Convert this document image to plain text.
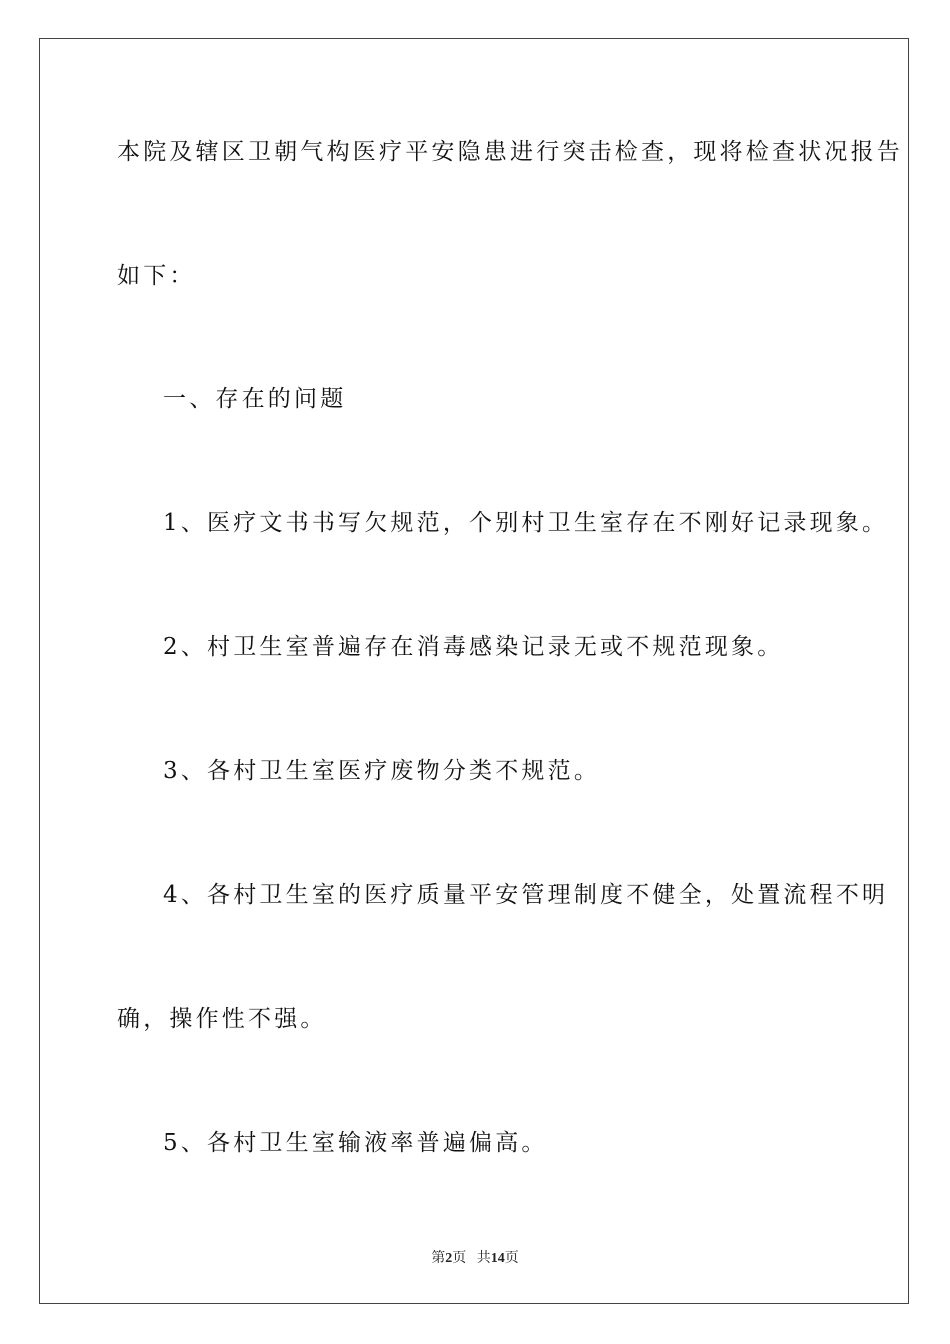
本院及辖区卫朝气构医疗平安隐患进行突击检查，现将检查状况报告
如下：
一、存在的问题
1、医疗文书书写欠规范，个别村卫生室存在不刚好记录现象。
2、村卫生室普遍存在消毒感染记录无或不规范现象。
3、各村卫生室医疗废物分类不规范。
4、各村卫生室的医疗质量平安管理制度不健全，处置流程不明
确，操作性不强。
5、各村卫生室输液率普遍偏高。
第2页 共14页
